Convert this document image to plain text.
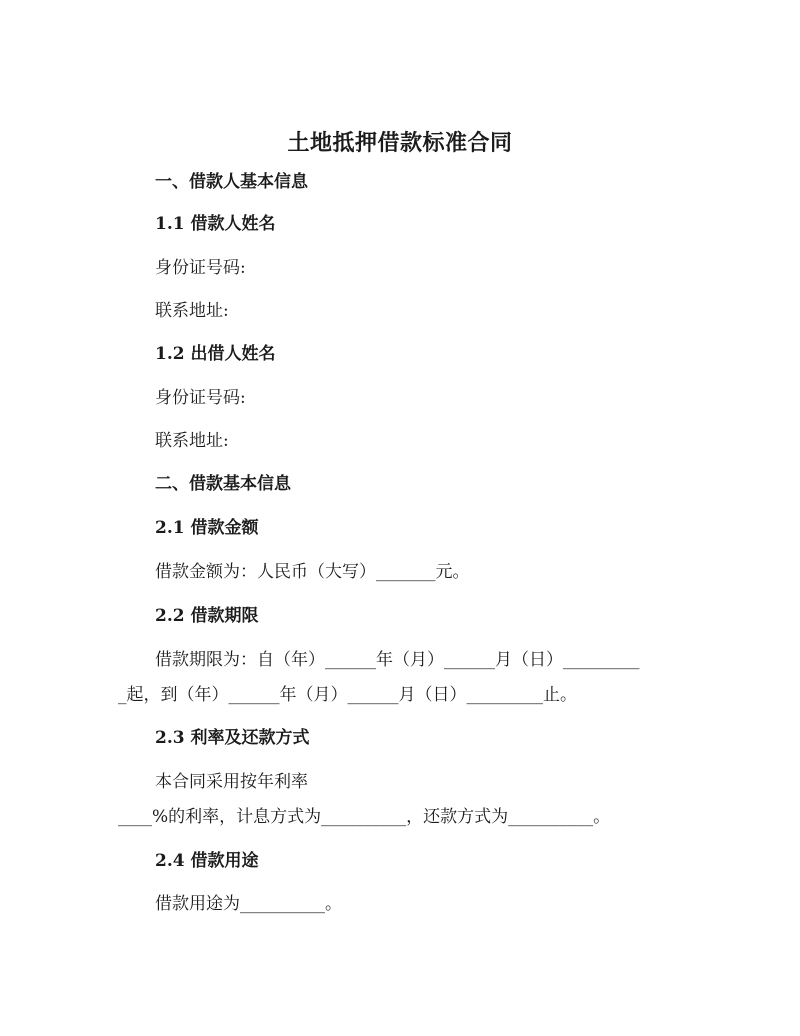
土地抵押借款标准合同
一、借款人基本信息
1.1 借款人姓名
身份证号码:
联系地址:
1.2 出借人姓名
身份证号码:
联系地址:
二、借款基本信息
2.1 借款金额
借款金额为：人民币（大写）_______元。
2.2 借款期限
借款期限为：自（年）______年（月）______月（日）_________
_起，到（年）______年（月）______月（日）_________止。
2.3 利率及还款方式
本合同采用按年利率
____%的利率，计息方式为__________，还款方式为__________。
2.4 借款用途
借款用途为__________。
